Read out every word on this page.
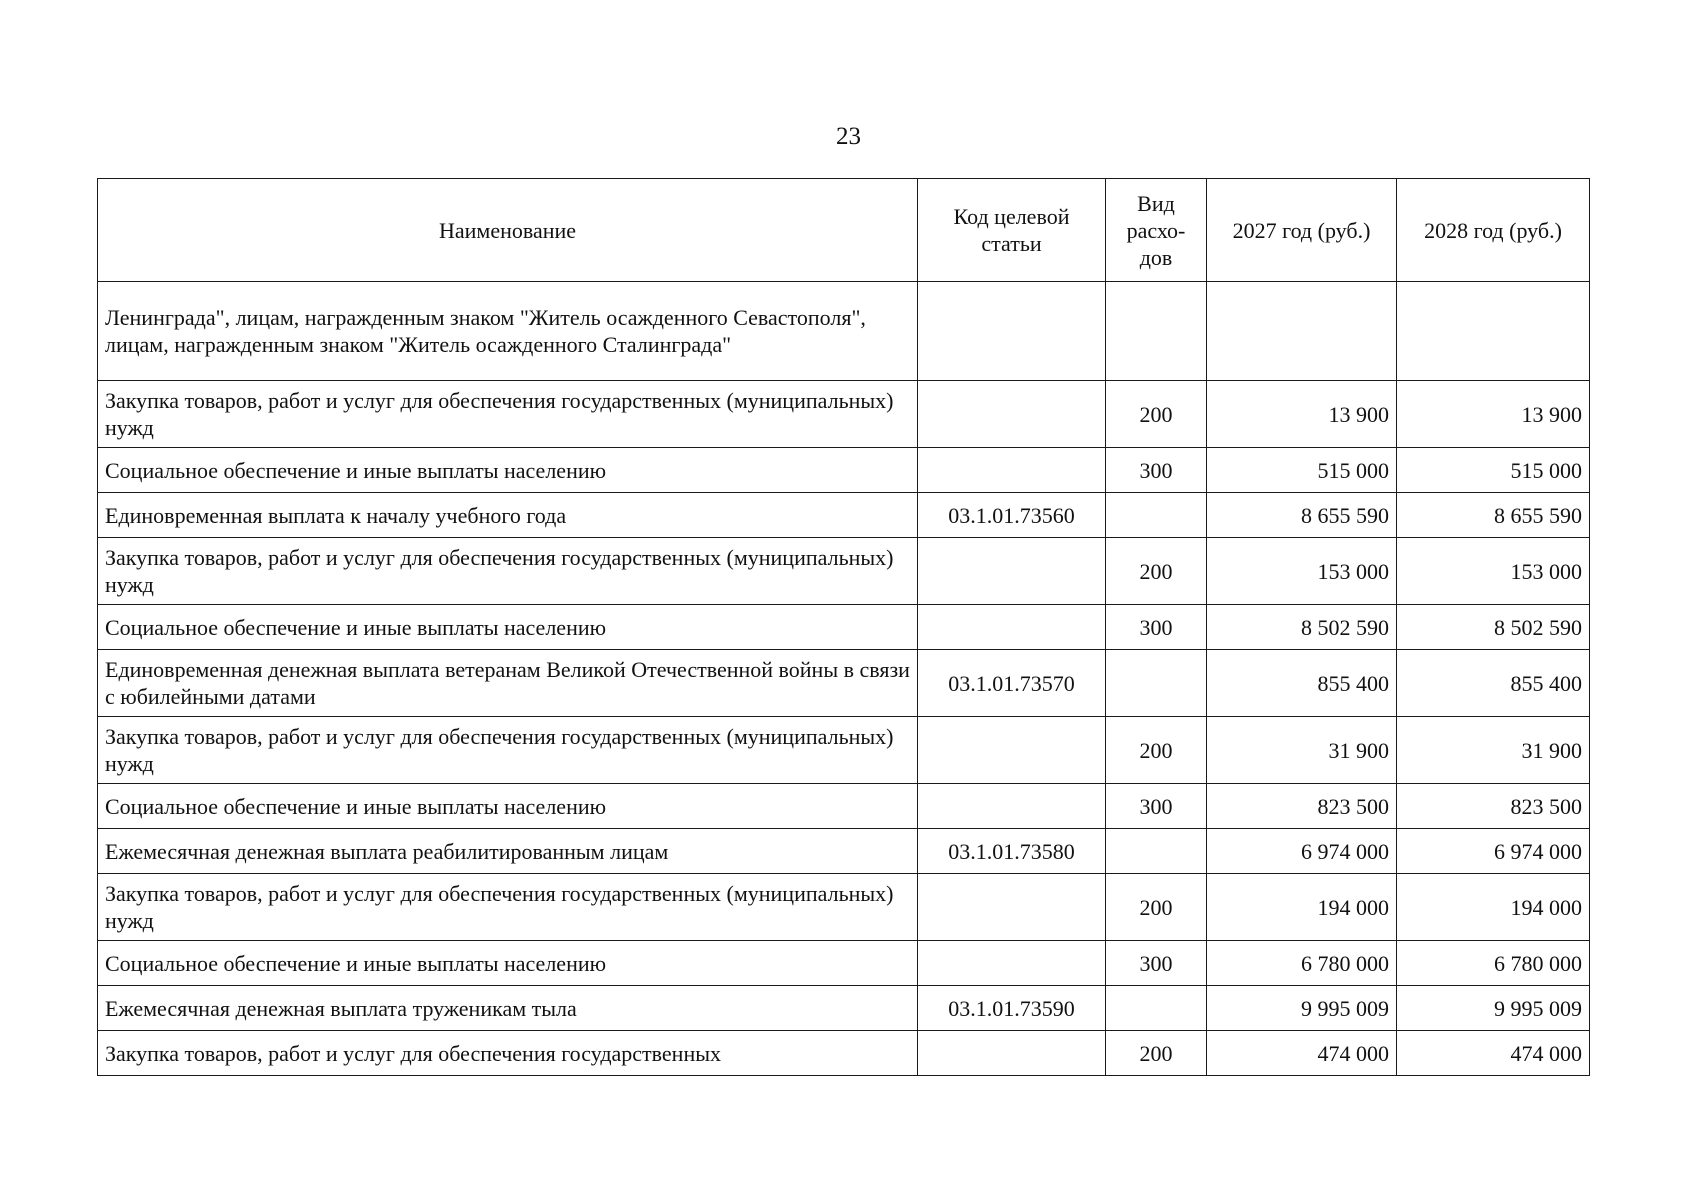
23
Наименование	Код целевой статьи	Вид расхо-дов	2027 год (руб.)	2028 год (руб.)
Ленинграда", лицам, награжденным знаком "Житель осажденного Севастополя", лицам, награжденным знаком "Житель осажденного Сталинграда"				
Закупка товаров, работ и услуг для обеспечения государственных (муниципальных) нужд		200	13 900	13 900
Социальное обеспечение и иные выплаты населению		300	515 000	515 000
Единовременная выплата к началу учебного года	03.1.01.73560		8 655 590	8 655 590
Закупка товаров, работ и услуг для обеспечения государственных (муниципальных) нужд		200	153 000	153 000
Социальное обеспечение и иные выплаты населению		300	8 502 590	8 502 590
Единовременная денежная выплата ветеранам Великой Отечественной войны в связи с юбилейными датами	03.1.01.73570		855 400	855 400
Закупка товаров, работ и услуг для обеспечения государственных (муниципальных) нужд		200	31 900	31 900
Социальное обеспечение и иные выплаты населению		300	823 500	823 500
Ежемесячная денежная выплата реабилитированным лицам	03.1.01.73580		6 974 000	6 974 000
Закупка товаров, работ и услуг для обеспечения государственных (муниципальных) нужд		200	194 000	194 000
Социальное обеспечение и иные выплаты населению		300	6 780 000	6 780 000
Ежемесячная денежная выплата труженикам тыла	03.1.01.73590		9 995 009	9 995 009
Закупка товаров, работ и услуг для обеспечения государственных		200	474 000	474 000
